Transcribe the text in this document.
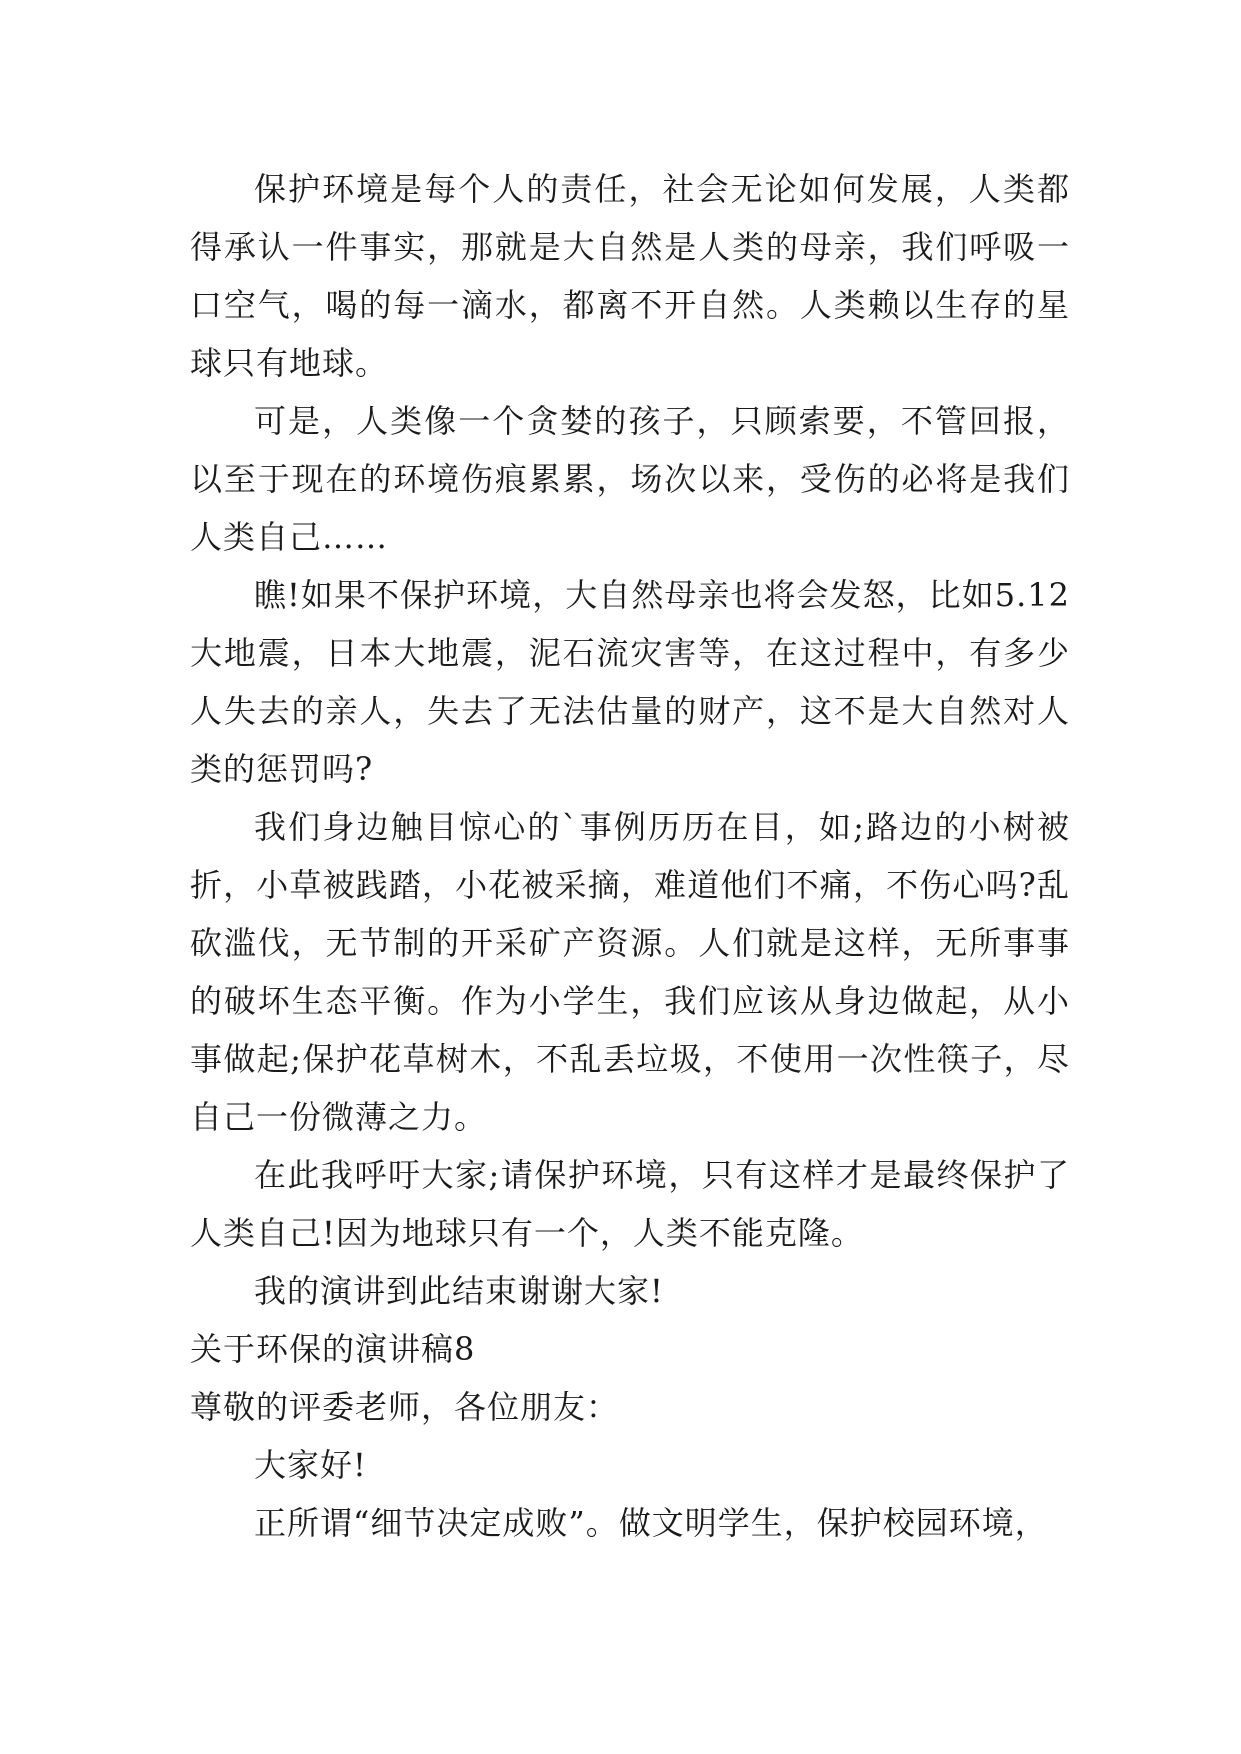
保护环境是每个人的责任，社会无论如何发展，人类都得承认一件事实，那就是大自然是人类的母亲，我们呼吸一口空气，喝的每一滴水，都离不开自然。人类赖以生存的星球只有地球。

可是，人类像一个贪婪的孩子，只顾索要，不管回报，以至于现在的环境伤痕累累，场次以来，受伤的必将是我们人类自己……

瞧!如果不保护环境，大自然母亲也将会发怒，比如5.12大地震，日本大地震，泥石流灾害等，在这过程中，有多少人失去的亲人，失去了无法估量的财产，这不是大自然对人类的惩罚吗?

我们身边触目惊心的`事例历历在目，如;路边的小树被折，小草被践踏，小花被采摘，难道他们不痛，不伤心吗?乱砍滥伐，无节制的开采矿产资源。人们就是这样，无所事事的破坏生态平衡。作为小学生，我们应该从身边做起，从小事做起;保护花草树木，不乱丢垃圾，不使用一次性筷子，尽自己一份微薄之力。

在此我呼吁大家;请保护环境，只有这样才是最终保护了人类自己!因为地球只有一个，人类不能克隆。

我的演讲到此结束谢谢大家!

关于环保的演讲稿8

尊敬的评委老师，各位朋友：

大家好!

正所谓“细节决定成败”。做文明学生，保护校园环境，
